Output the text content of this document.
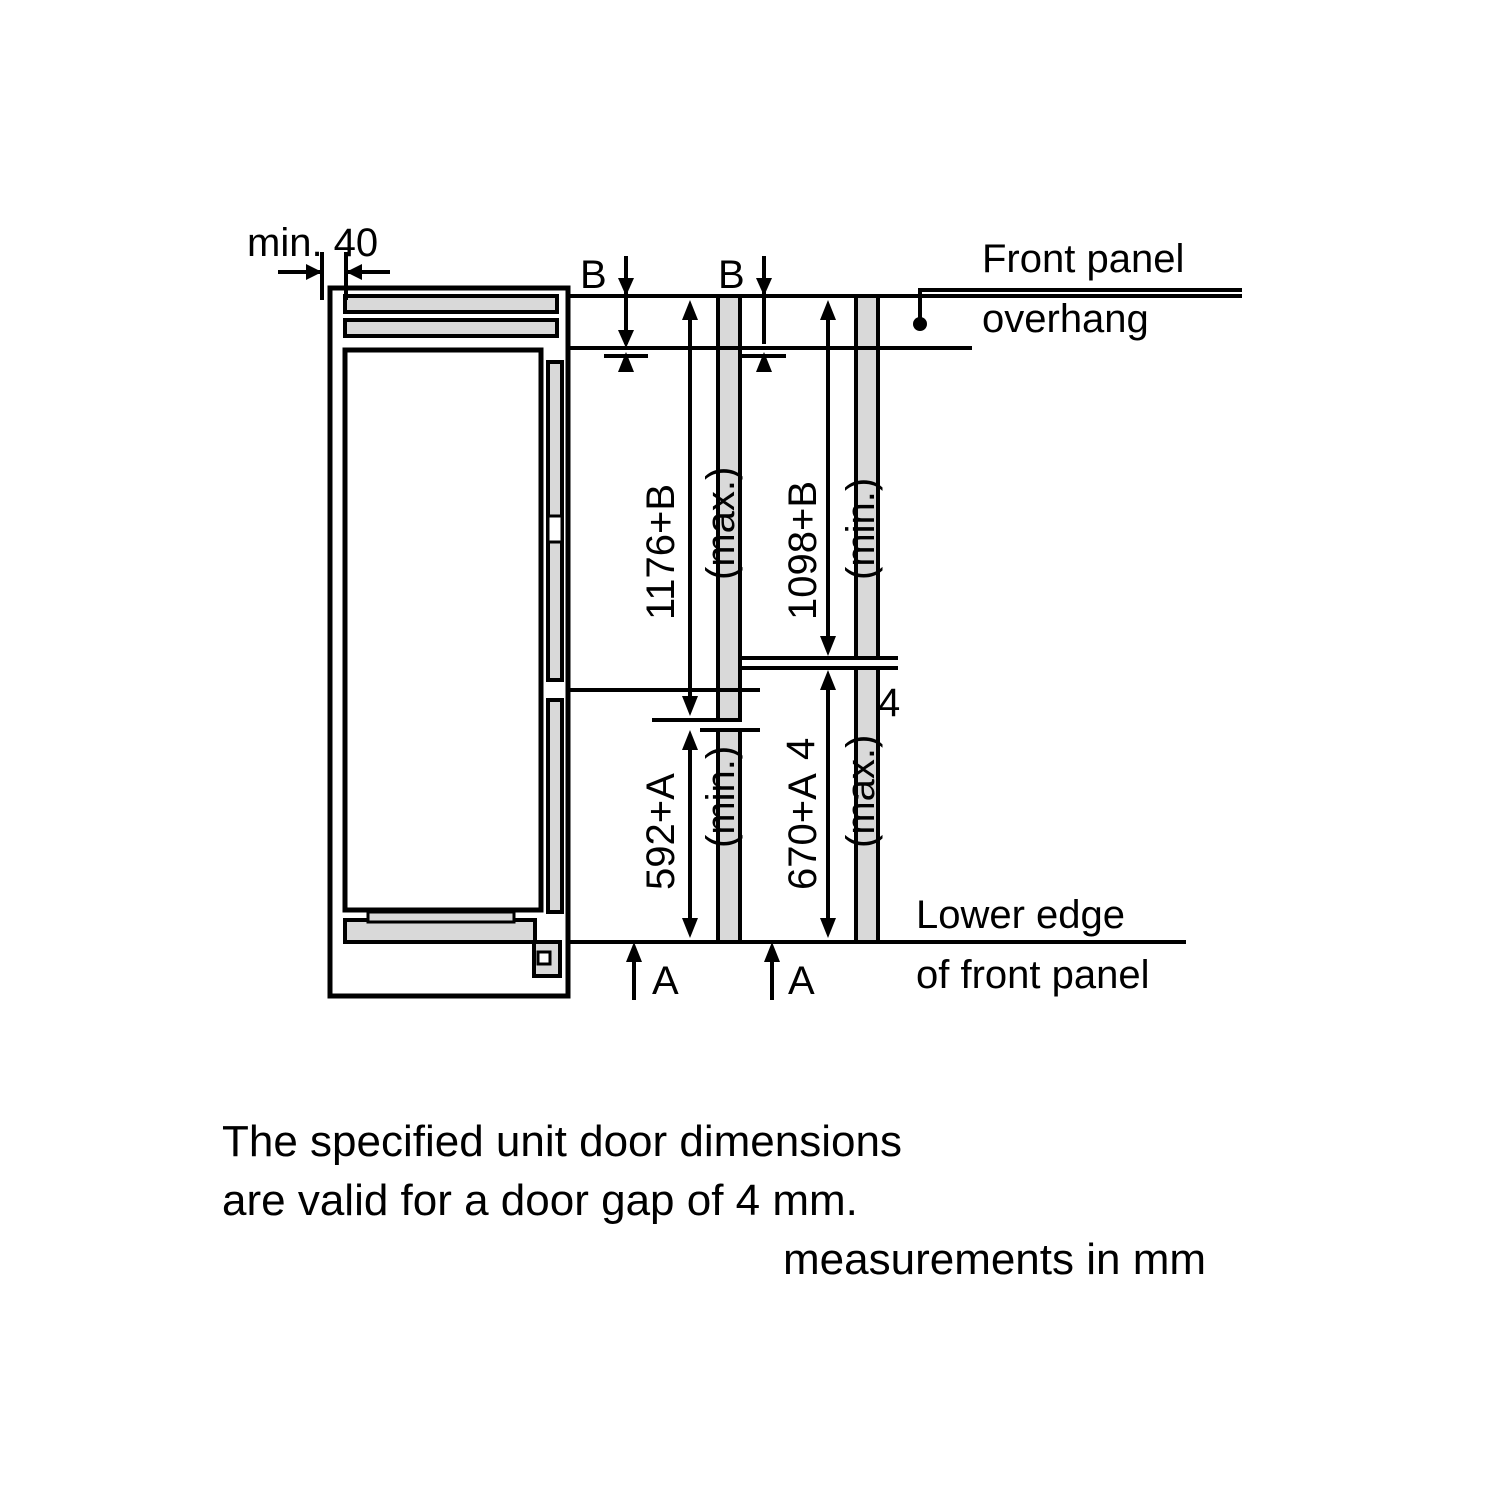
min. 40
B	B	Front panel
overhang
4
Lower edge
of front panel
A	A
1176+B (max.) 1098+B (min.)
592+A (min.) 670+A (max.)
4
The specified unit door dimensions
are valid for a door gap of 4 mm.
measurements in mm
